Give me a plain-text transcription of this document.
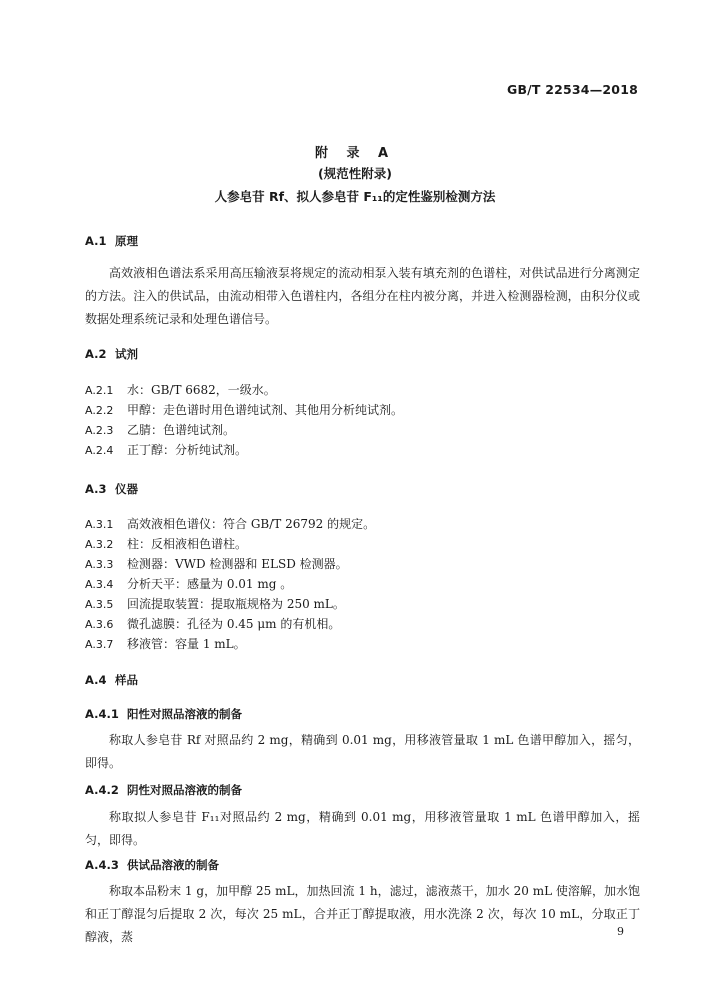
GB/T 22534—2018
附 录 A
(规范性附录)
人参皂苷 Rf、拟人参皂苷 F₁₁的定性鉴别检测方法
A.1 原理
高效液相色谱法系采用高压输液泵将规定的流动相泵入装有填充剂的色谱柱，对供试品进行分离测定的方法。注入的供试品，由流动相带入色谱柱内，各组分在柱内被分离，并进入检测器检测，由积分仪或数据处理系统记录和处理色谱信号。
A.2 试剂
A.2.1 水：GB/T 6682，一级水。
A.2.2 甲醇：走色谱时用色谱纯试剂、其他用分析纯试剂。
A.2.3 乙腈：色谱纯试剂。
A.2.4 正丁醇：分析纯试剂。
A.3 仪器
A.3.1 高效液相色谱仪：符合 GB/T 26792 的规定。
A.3.2 柱：反相液相色谱柱。
A.3.3 检测器：VWD 检测器和 ELSD 检测器。
A.3.4 分析天平：感量为 0.01 mg 。
A.3.5 回流提取装置：提取瓶规格为 250 mL。
A.3.6 微孔滤膜：孔径为 0.45 μm 的有机相。
A.3.7 移液管：容量 1 mL。
A.4 样品
A.4.1 阳性对照品溶液的制备
称取人参皂苷 Rf 对照品约 2 mg，精确到 0.01 mg，用移液管量取 1 mL 色谱甲醇加入，摇匀，即得。
A.4.2 阴性对照品溶液的制备
称取拟人参皂苷 F₁₁对照品约 2 mg，精确到 0.01 mg，用移液管量取 1 mL 色谱甲醇加入，摇匀，即得。
A.4.3 供试品溶液的制备
称取本品粉末 1 g，加甲醇 25 mL，加热回流 1 h，滤过，滤液蒸干，加水 20 mL 使溶解，加水饱和正丁醇混匀后提取 2 次，每次 25 mL，合并正丁醇提取液，用水洗涤 2 次，每次 10 mL，分取正丁醇液，蒸	9
